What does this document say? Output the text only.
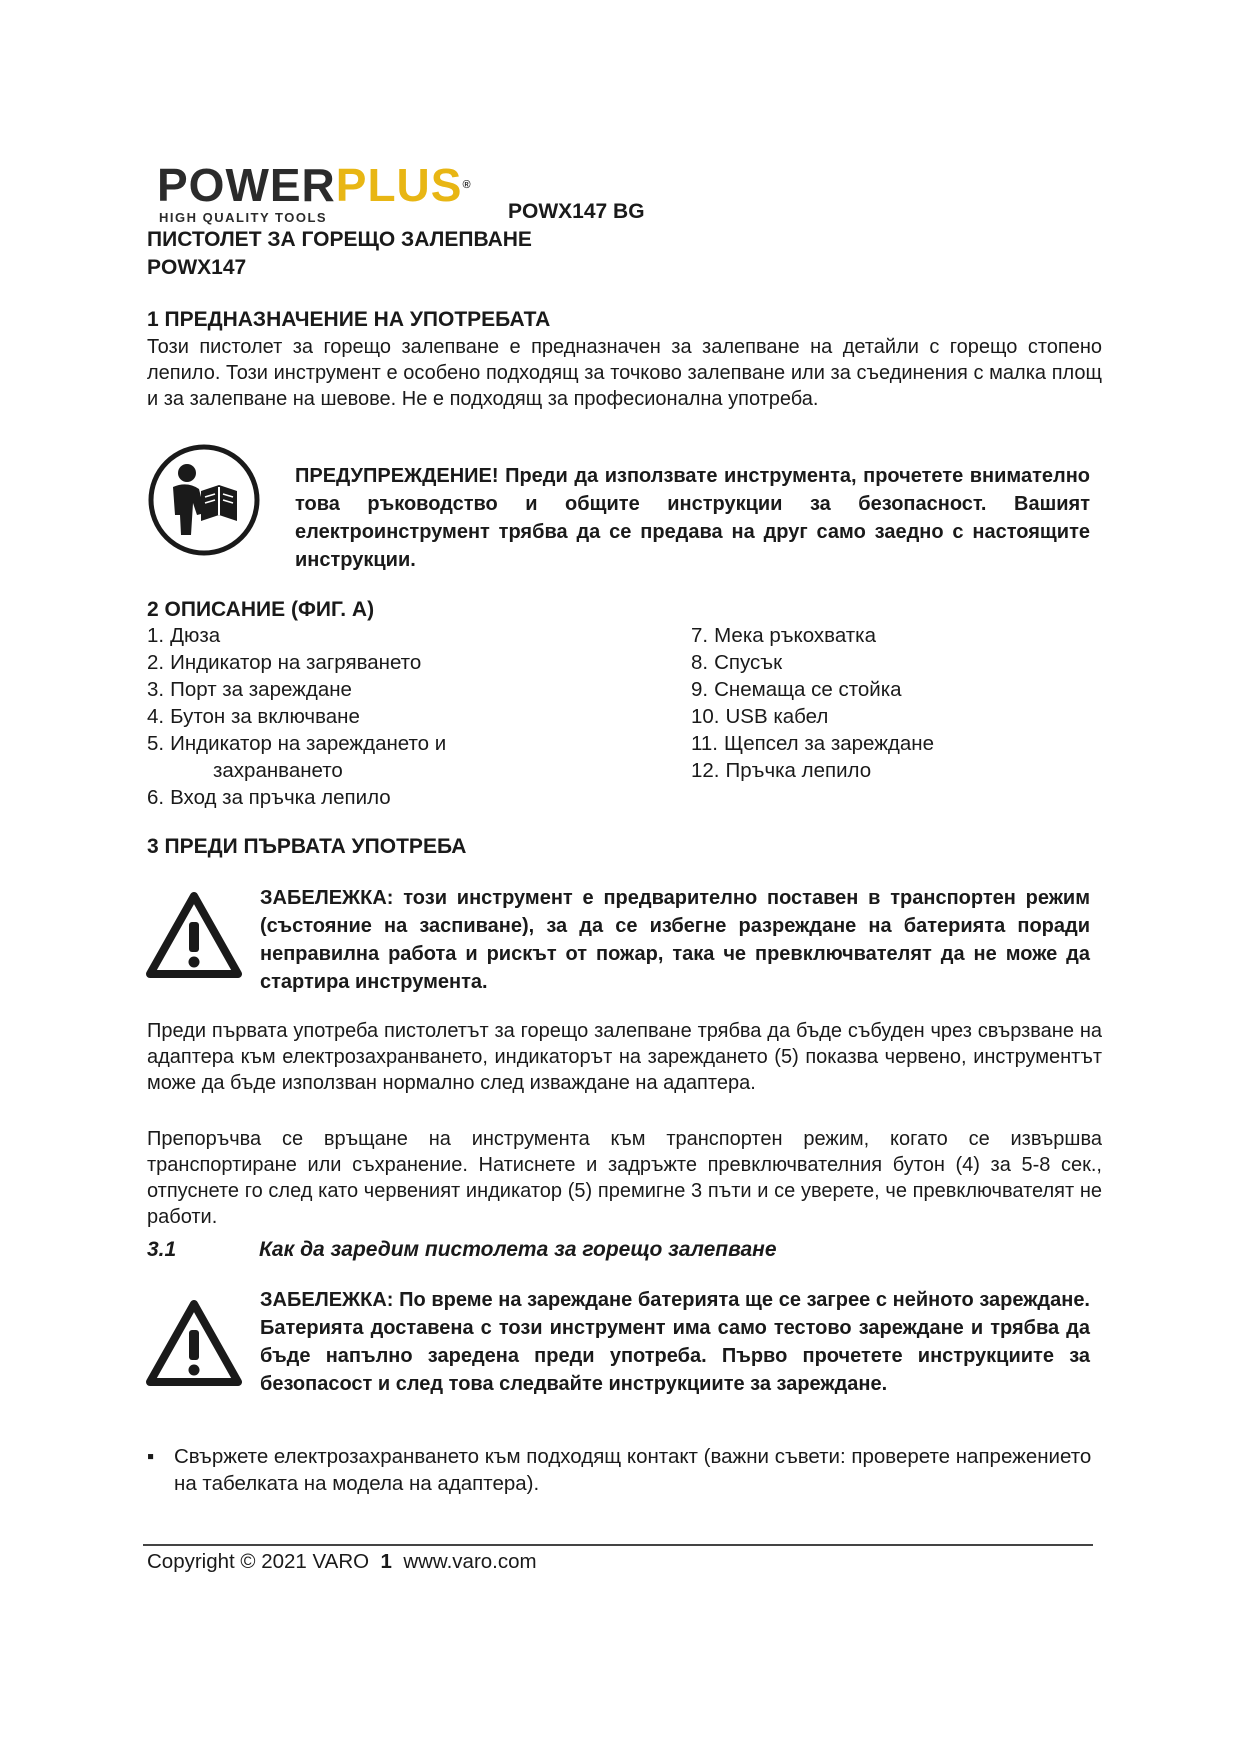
POWERPLUS®
HIGH QUALITY TOOLS	POWX147 BG
ПИСТОЛЕТ ЗА ГОРЕЩО ЗАЛЕПВАНЕ
POWX147
1 ПРЕДНАЗНАЧЕНИЕ НА УПОТРЕБАТА
Този пистолет за горещо залепване е предназначен за залепване на детайли с горещо стопено лепило. Този инструмент е особено подходящ за точково залепване или за съединения с малка площ и за залепване на шевове. Не е подходящ за професионална употреба.
ПРЕДУПРЕЖДЕНИЕ! Преди да използвате инструмента, прочетете внимателно това ръководство и общите инструкции за безопасност. Вашият електроинструмент трябва да се предава на друг само заедно с настоящите инструкции.
2 ОПИСАНИЕ (ФИГ. A)
1. Дюза
2. Индикатор на загряването
3. Порт за зареждане
4. Бутон за включване
5. Индикатор на зареждането и
захранването
6. Вход за пръчка лепило
7. Мека ръкохватка
8. Спусък
9. Снемаща се стойка
10. USB кабел
11. Щепсел за зареждане
12. Пръчка лепило
3 ПРЕДИ ПЪРВАТА УПОТРЕБА
ЗАБЕЛЕЖКА: този инструмент е предварително поставен в транспортен режим (състояние на заспиване), за да се избегне разреждане на батерията поради неправилна работа и рискът от пожар, така че превключвателят да не може да стартира инструмента.
Преди първата употреба пистолетът за горещо залепване трябва да бъде събуден чрез свързване на адаптера към електрозахранването, индикаторът на зареждането (5) показва червено, инструментът може да бъде използван нормално след изваждане на адаптера.
Препоръчва се връщане на инструмента към транспортен режим, когато се извършва транспортиране или съхранение. Натиснете и задръжте превключвателния бутон (4) за 5-8 сек., отпуснете го след като червеният индикатор (5) премигне 3 пъти и се уверете, че превключвателят не работи.
3.1	Как да заредим пистолета за горещо залепване
ЗАБЕЛЕЖКА: По време на зареждане батерията ще се загрее с нейното зареждане. Батерията доставена с този инструмент има само тестово зареждане и трябва да бъде напълно заредена преди употреба. Първо прочетете инструкциите за безопасост и след това следвайте инструкциите за зареждане.
▪ Свържете електрозахранването към подходящ контакт (важни съвети: проверете напрежението на табелката на модела на адаптера).
Copyright © 2021 VARO 1 www.varo.com
